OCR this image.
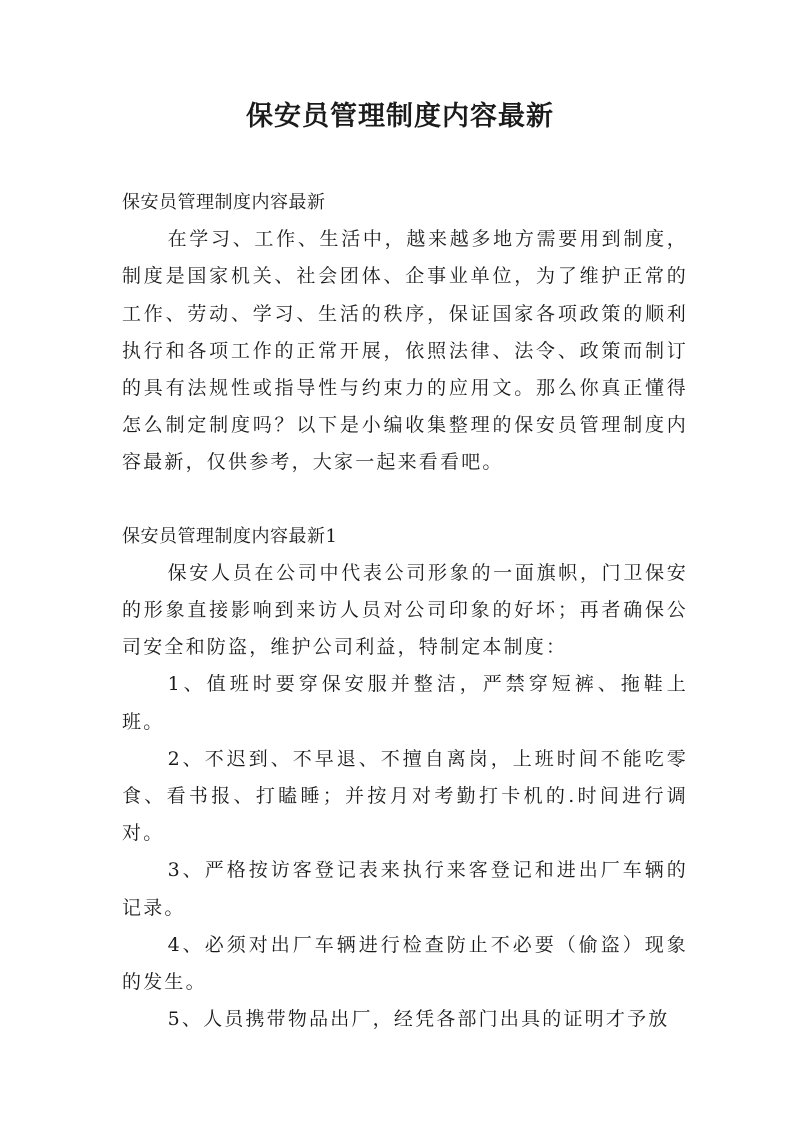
保安员管理制度内容最新

保安员管理制度内容最新

在学习、工作、生活中，越来越多地方需要用到制度，制度是国家机关、社会团体、企事业单位，为了维护正常的工作、劳动、学习、生活的秩序，保证国家各项政策的顺利执行和各项工作的正常开展，依照法律、法令、政策而制订的具有法规性或指导性与约束力的应用文。那么你真正懂得怎么制定制度吗？以下是小编收集整理的保安员管理制度内容最新，仅供参考，大家一起来看看吧。

保安员管理制度内容最新1

保安人员在公司中代表公司形象的一面旗帜，门卫保安的形象直接影响到来访人员对公司印象的好坏；再者确保公司安全和防盗，维护公司利益，特制定本制度：

1、值班时要穿保安服并整洁，严禁穿短裤、拖鞋上班。

2、不迟到、不早退、不擅自离岗，上班时间不能吃零食、看书报、打瞌睡；并按月对考勤打卡机的.时间进行调对。

3、严格按访客登记表来执行来客登记和进出厂车辆的记录。

4、必须对出厂车辆进行检查防止不必要（偷盗）现象的发生。

5、人员携带物品出厂，经凭各部门出具的证明才予放
